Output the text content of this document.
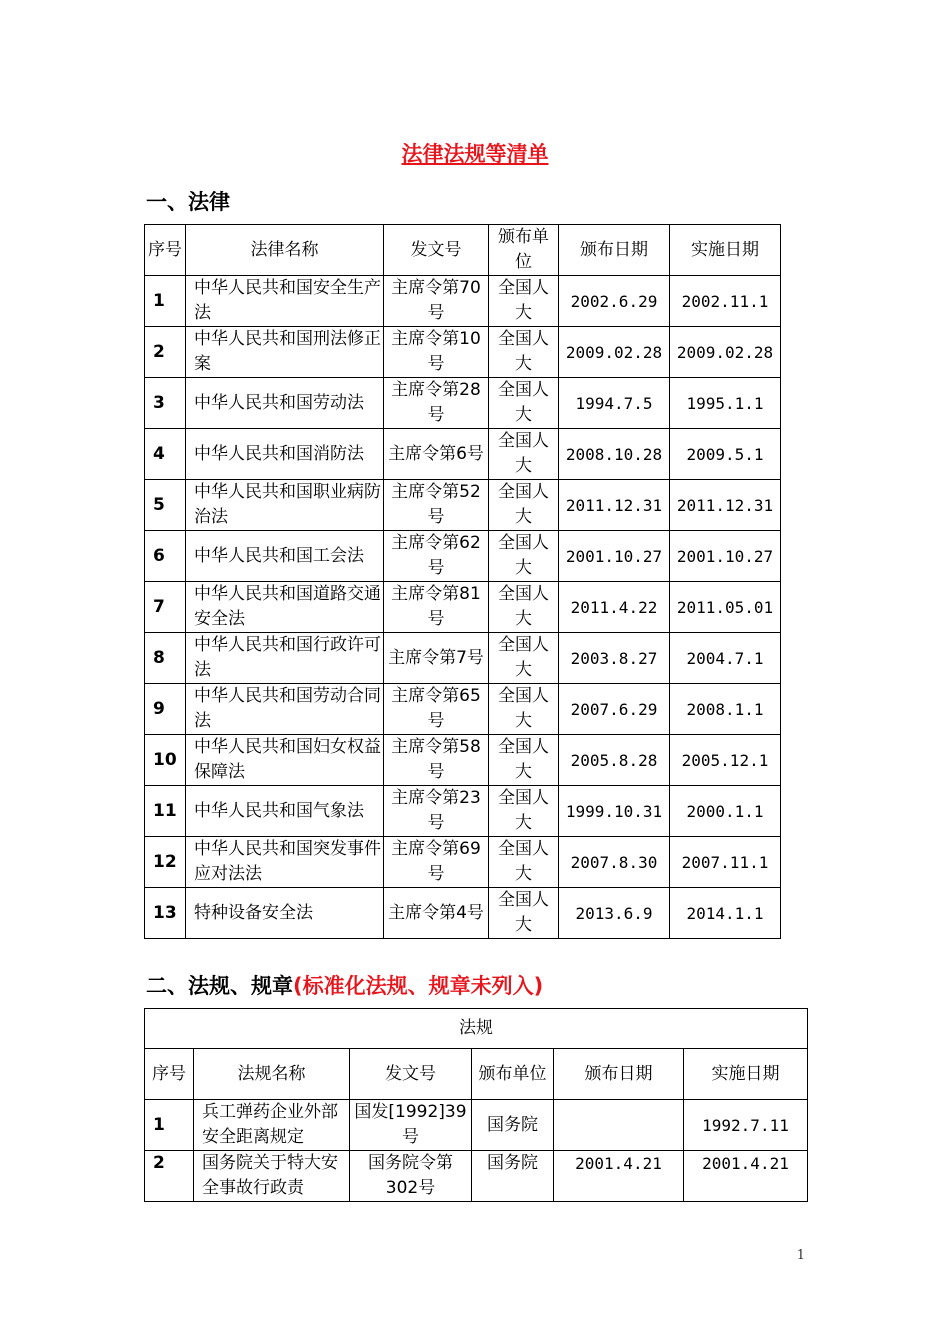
法律法规等清单
一、法律
序号	法律名称	发文号	颁布单位	颁布日期	实施日期
1	中华人民共和国安全生产法	主席令第70号	全国人大	2002.6.29	2002.11.1
2	中华人民共和国刑法修正案	主席令第10号	全国人大	2009.02.28	2009.02.28
3	中华人民共和国劳动法	主席令第28号	全国人大	1994.7.5	1995.1.1
4	中华人民共和国消防法	主席令第6号	全国人大	2008.10.28	2009.5.1
5	中华人民共和国职业病防治法	主席令第52号	全国人大	2011.12.31	2011.12.31
6	中华人民共和国工会法	主席令第62号	全国人大	2001.10.27	2001.10.27
7	中华人民共和国道路交通安全法	主席令第81号	全国人大	2011.4.22	2011.05.01
8	中华人民共和国行政许可法	主席令第7号	全国人大	2003.8.27	2004.7.1
9	中华人民共和国劳动合同法	主席令第65号	全国人大	2007.6.29	2008.1.1
10	中华人民共和国妇女权益保障法	主席令第58号	全国人大	2005.8.28	2005.12.1
11	中华人民共和国气象法	主席令第23号	全国人大	1999.10.31	2000.1.1
12	中华人民共和国突发事件应对法法	主席令第69号	全国人大	2007.8.30	2007.11.1
13	特种设备安全法	主席令第4号	全国人大	2013.6.9	2014.1.1
二、法规、规章(标准化法规、规章未列入)
法规					
序号	法规名称	发文号	颁布单位	颁布日期	实施日期
1	兵工弹药企业外部安全距离规定	国发[1992]39号	国务院		1992.7.11
2	国务院关于特大安全事故行政责	国务院令第302号	国务院	2001.4.21	2001.4.21
1
